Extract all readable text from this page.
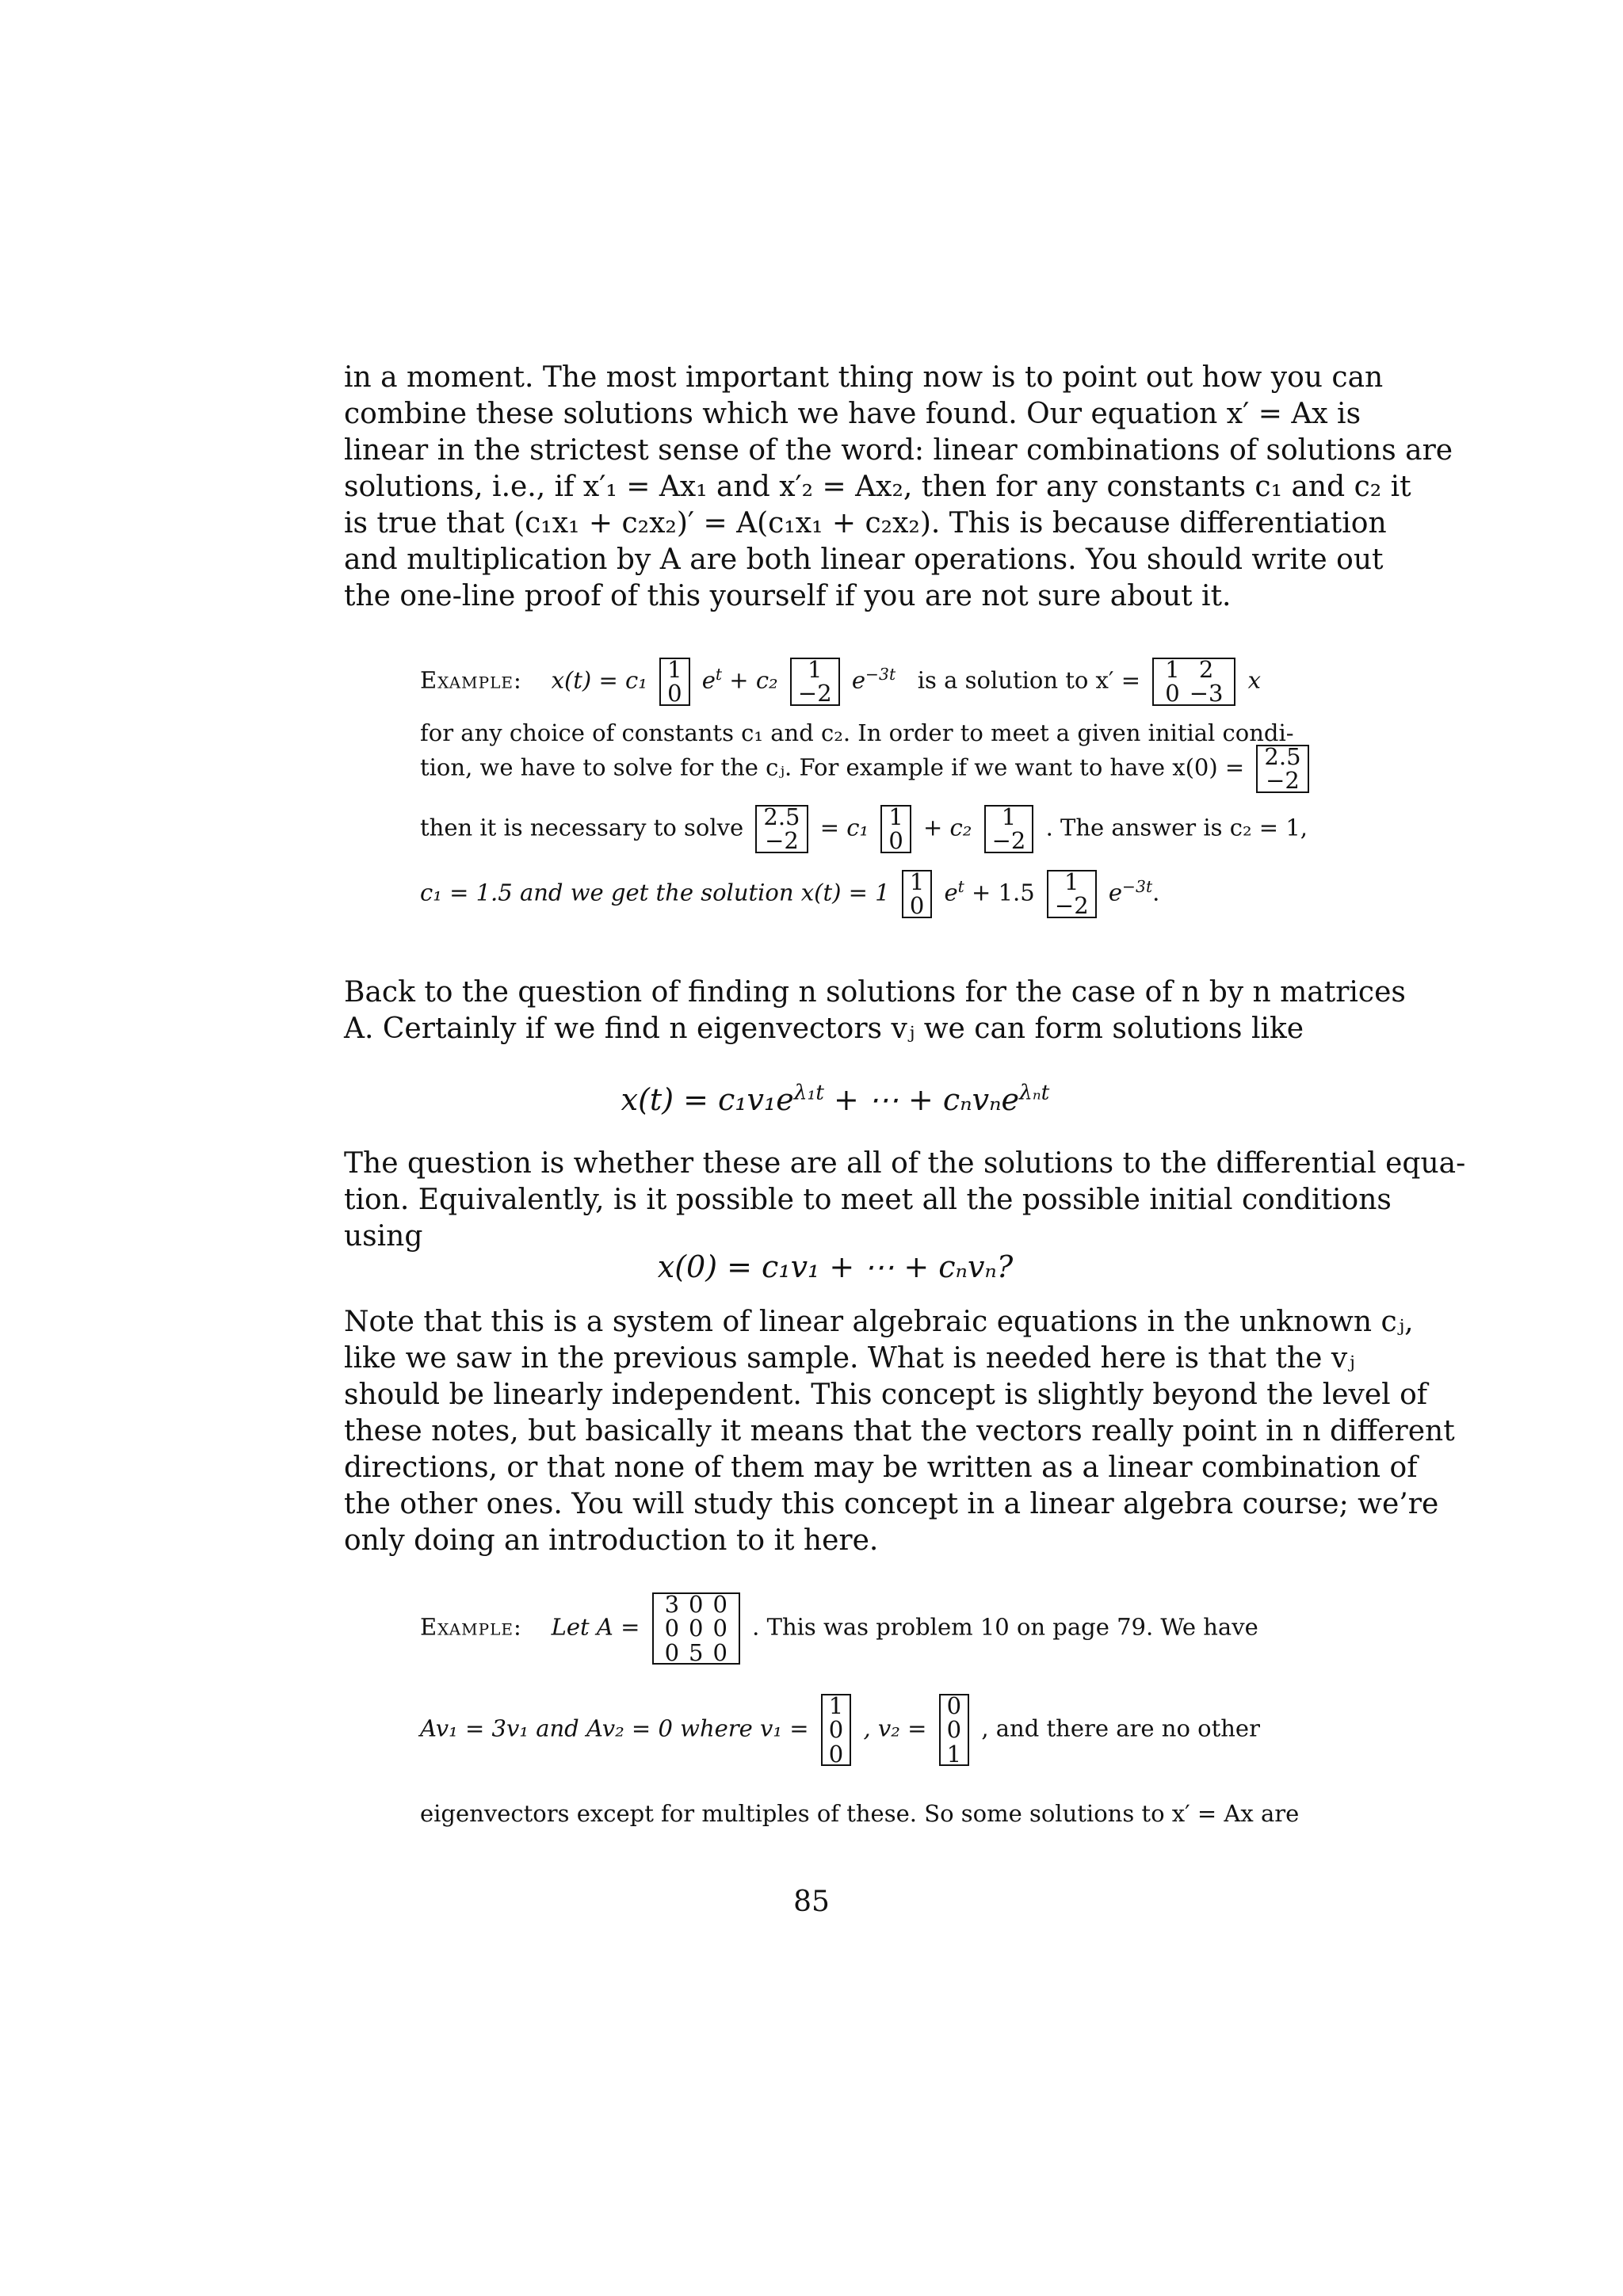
in a moment. The most important thing now is to point out how you can
combine these solutions which we have found. Our equation x′ = Ax is
linear in the strictest sense of the word: linear combinations of solutions are
solutions, i.e., if x′₁ = Ax₁ and x′₂ = Ax₂, then for any constants c₁ and c₂ it
is true that (c₁x₁ + c₂x₂)′ = A(c₁x₁ + c₂x₂). This is because differentiation
and multiplication by A are both linear operations. You should write out
the one-line proof of this yourself if you are not sure about it.
Example: x(t) = c₁ 1
0 $e^t + c_2$	1
−2 $e^{-3t}$ is a solution to x′ = 1	2
0	−3 x
for any choice of constants c₁ and c₂. In order to meet a given initial condi-
tion, we have to solve for the cⱼ. For example if we want to have x(0) = 2.5
−2
then it is necessary to solve 2.5
−2 = c₁ 1
0 + c₂	1
−2 . The answer is c₂ = 1,
c₁ = 1.5 and we get the solution x(t) = 1 1
0 $e^t + 1.5$	1
−2 $e^{-3t}$.
Back to the question of finding n solutions for the case of n by n matrices
A. Certainly if we find n eigenvectors vⱼ we can form solutions like
$x(t) = c_1v_1e^{\lambda_1t}$ + ⋯ + cₙvₙe$^{\lambda_nt}$
The question is whether these are all of the solutions to the differential equa-
tion. Equivalently, is it possible to meet all the possible initial conditions
using
x(0) = c₁v₁ + ⋯ + cₙvₙ?
Note that this is a system of linear algebraic equations in the unknown cⱼ,
like we saw in the previous sample. What is needed here is that the vⱼ
should be linearly independent. This concept is slightly beyond the level of
these notes, but basically it means that the vectors really point in n different
directions, or that none of them may be written as a linear combination of
the other ones. You will study this concept in a linear algebra course; we’re
only doing an introduction to it here.
Example: Let A =
3	0	0
0	0	0
0	5	0
. This was problem 10 on page 79. We have
Av₁ = 3v₁ and Av₂ = 0 where v₁ =
1
0
0
, v₂ =
0
0
1
, and there are no other
eigenvectors except for multiples of these. So some solutions to x′ = Ax are
85
